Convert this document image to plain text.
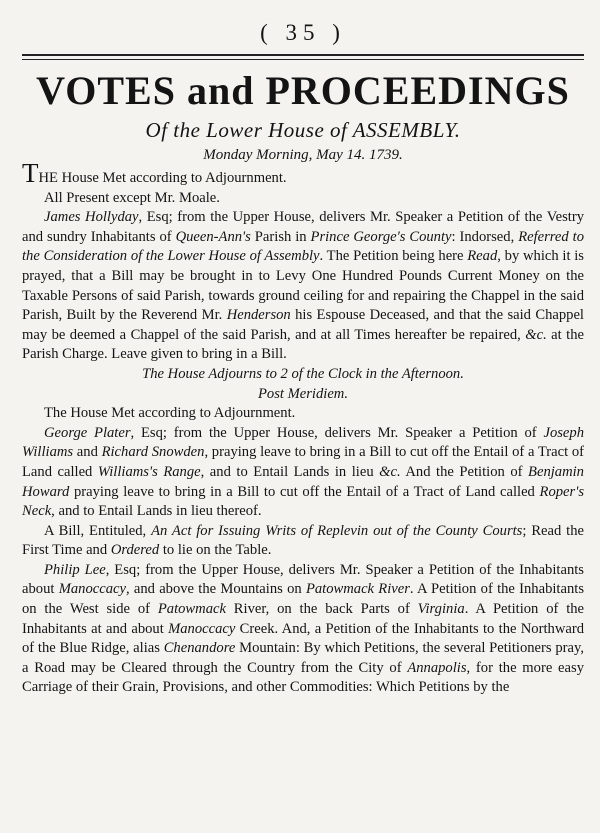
( 35 )
VOTES and PROCEEDINGS
Of the Lower House of ASSEMBLY.
Monday Morning, May 14. 1739.

THE House Met according to Adjournment.

All Present except Mr. Moale.

James Hollyday, Esq; from the Upper House, delivers Mr. Speaker a Petition of the Vestry and sundry Inhabitants of Queen-Ann's Parish in Prince George's County: Indorsed, Referred to the Consideration of the Lower House of Assembly. The Petition being here Read, by which it is prayed, that a Bill may be brought in to Levy One Hundred Pounds Current Money on the Taxable Persons of said Parish, towards ground ceiling for and repairing the Chappel in the said Parish, Built by the Reverend Mr. Henderson his Espouse Deceased, and that the said Chappel may be deemed a Chappel of the said Parish, and at all Times hereafter be repaired, &c. at the Parish Charge. Leave given to bring in a Bill.

The House Adjourns to 2 of the Clock in the Afternoon.

Post Meridiem.

The House Met according to Adjournment.

George Plater, Esq; from the Upper House, delivers Mr. Speaker a Petition of Joseph Williams and Richard Snowden, praying leave to bring in a Bill to cut off the Entail of a Tract of Land called Williams's Range, and to Entail Lands in lieu &c. And the Petition of Benjamin Howard praying leave to bring in a Bill to cut off the Entail of a Tract of Land called Roper's Neck, and to Entail Lands in lieu thereof.

A Bill, Entituled, An Act for Issuing Writs of Replevin out of the County Courts; Read the First Time and Ordered to lie on the Table.

Philip Lee, Esq; from the Upper House, delivers Mr. Speaker a Petition of the Inhabitants about Manoccacy, and above the Mountains on Patowmack River. A Petition of the Inhabitants on the West side of Patowmack River, on the back Parts of Virginia. A Petition of the Inhabitants at and about Manoccacy Creek. And, a Petition of the Inhabitants to the Northward of the Blue Ridge, alias Chenandore Mountain: By which Petitions, the several Petitioners pray, a Road may be Cleared through the Country from the City of Annapolis, for the more easy Carriage of their Grain, Provisions, and other Commodities: Which Petitions by the
